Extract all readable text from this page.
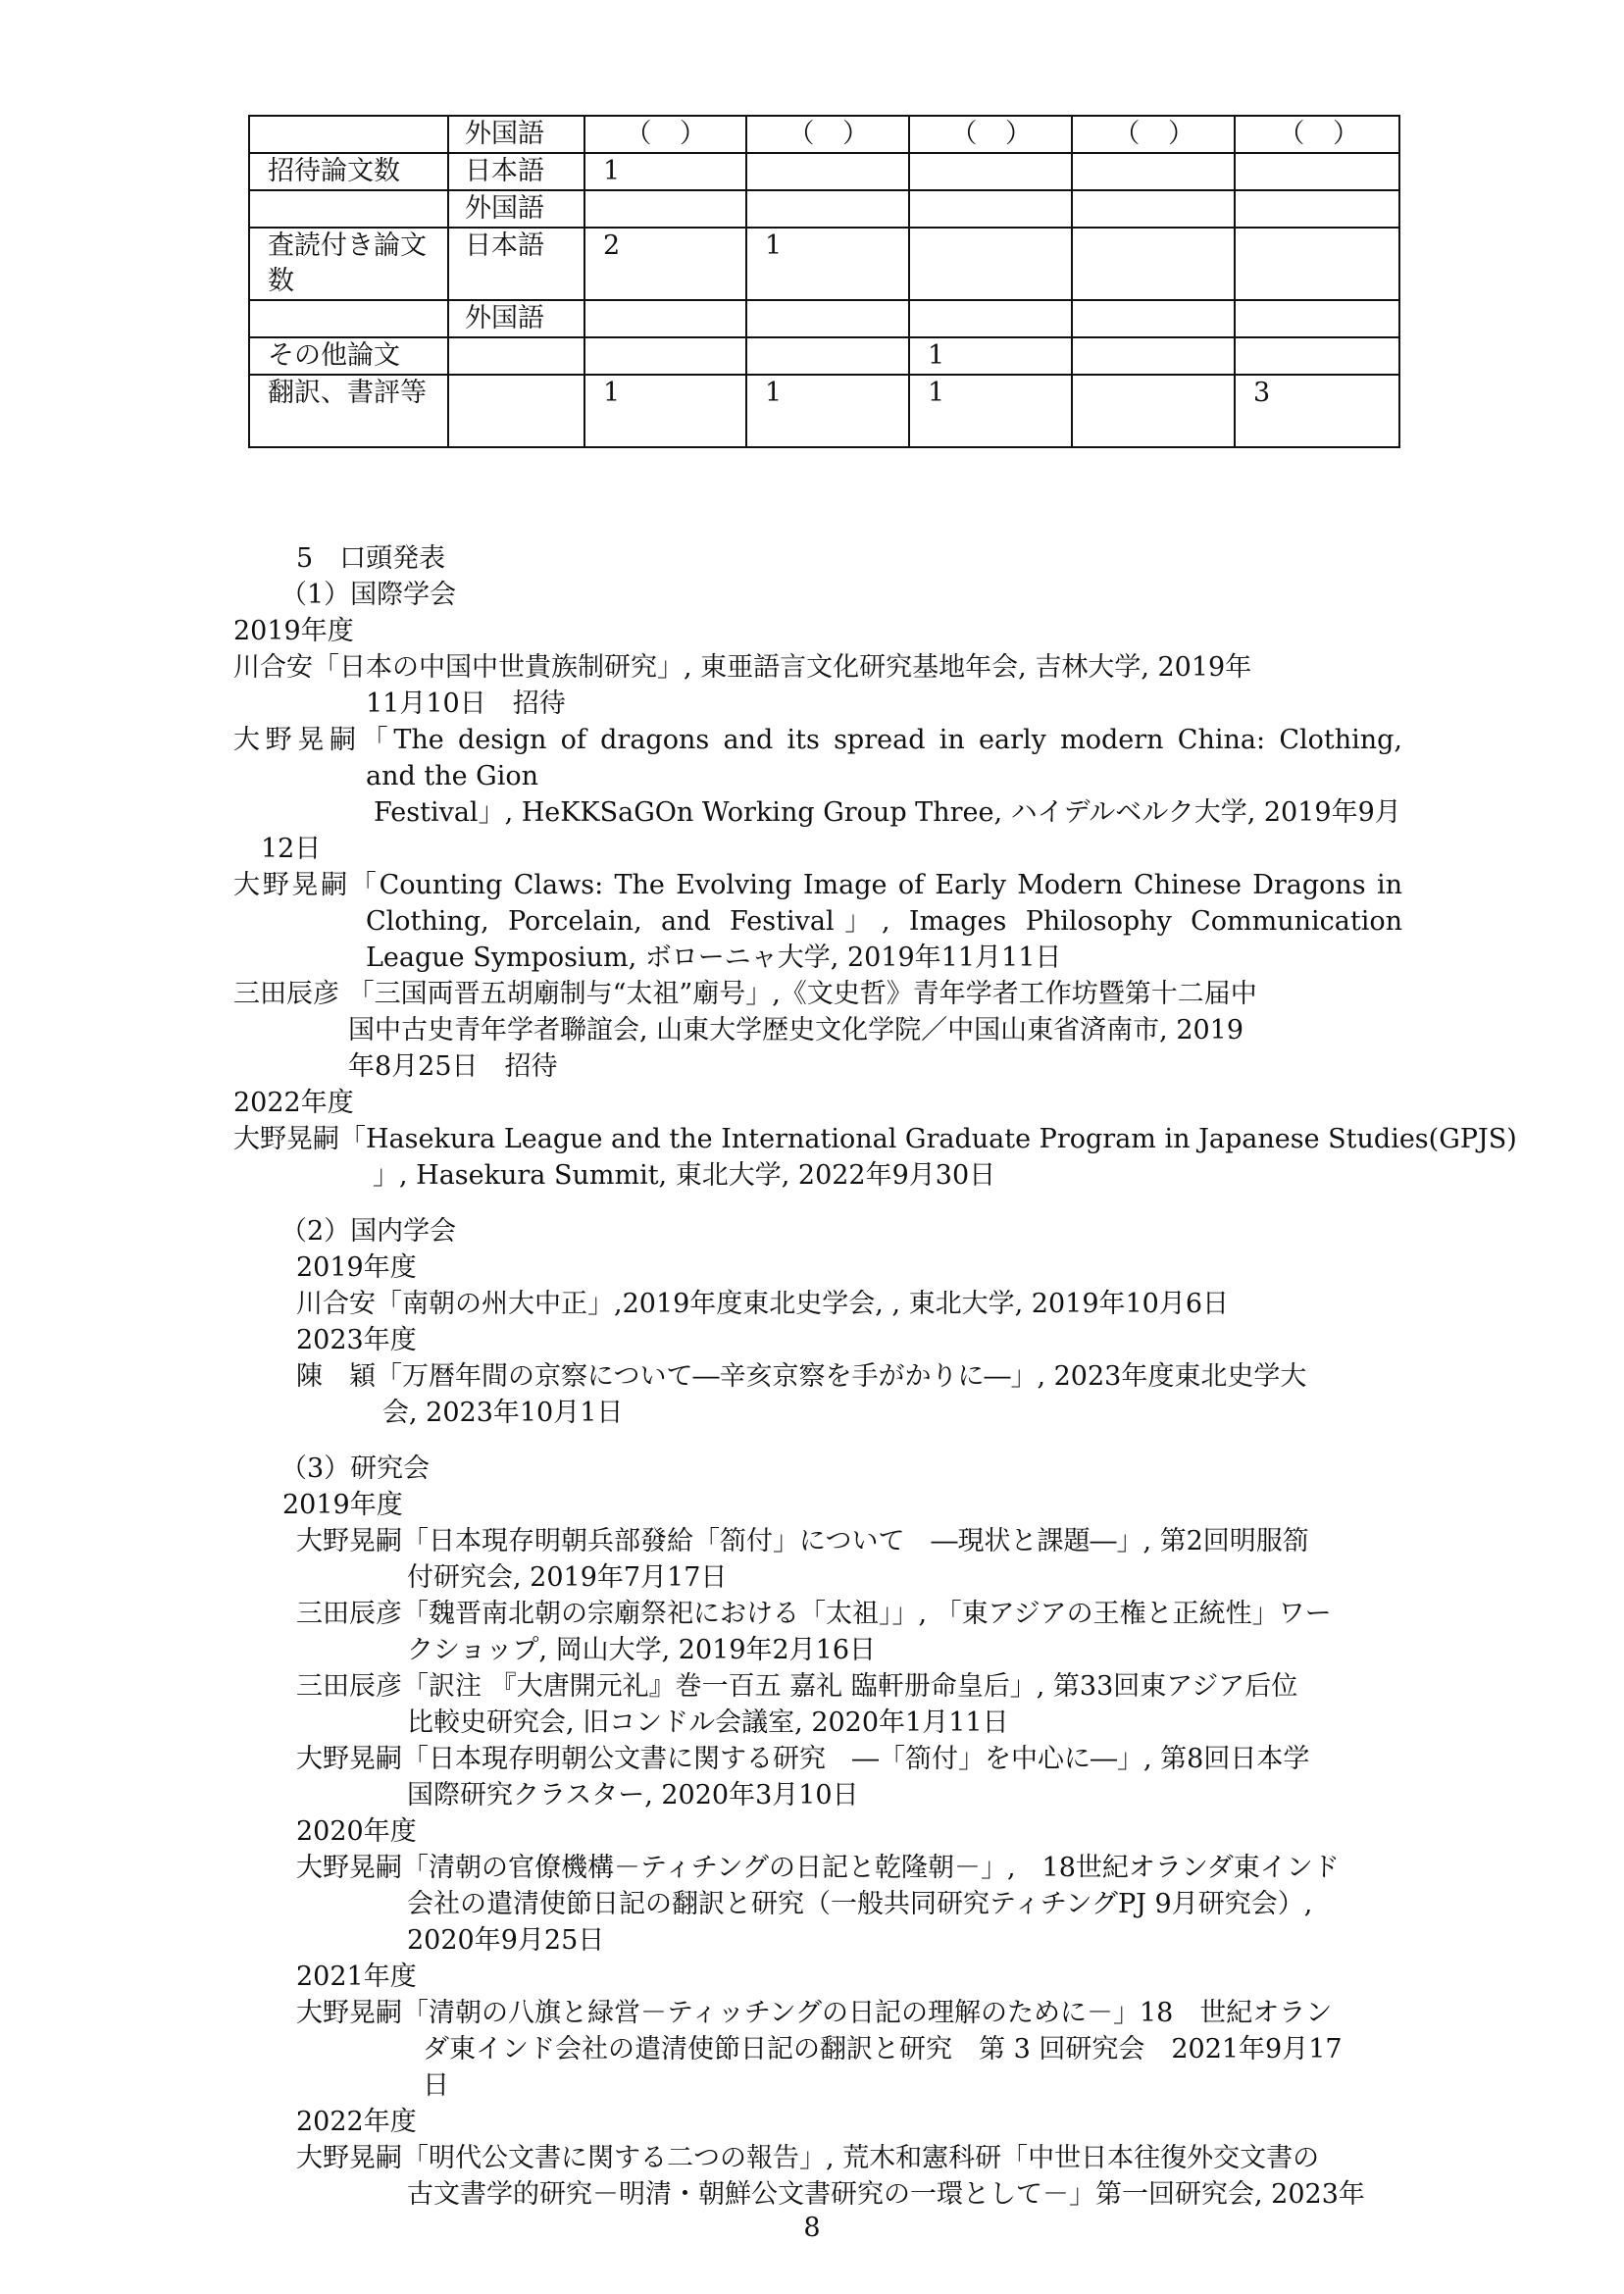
	外国語	（ ）	（ ）	（ ）	（ ）	（ ）
招待論文数	日本語	1				
	外国語					
査読付き論文数	日本語	2	1			
	外国語					
その他論文				1		
翻訳、書評等		1	1	1		3
5　口頭発表
（1）国際学会
2019年度
川合安「日本の中国中世貴族制研究」, 東亜語言文化研究基地年会, 吉林大学, 2019年
11月10日　招待
大野晃嗣「The design of dragons and its spread in early modern China: Clothing,
and the Gion
Festival」, HeKKSaGOn Working Group Three, ハイデルベルク大学, 2019年9月
12日
大野晃嗣「Counting Claws: The Evolving Image of Early Modern Chinese Dragons in
Clothing, Porcelain, and Festival」, Images Philosophy Communication
League Symposium, ボローニャ大学, 2019年11月11日
三田辰彦 「三国両晋五胡廟制与“太祖”廟号」,《文史哲》青年学者工作坊暨第十二届中
国中古史青年学者聯誼会, 山東大学歴史文化学院／中国山東省済南市, 2019
年8月25日　招待
2022年度
大野晃嗣「Hasekura League and the International Graduate Program in Japanese Studies(GPJS)
」, Hasekura Summit, 東北大学, 2022年9月30日
（2）国内学会
2019年度
川合安「南朝の州大中正」,2019年度東北史学会, , 東北大学, 2019年10月6日
2023年度
陳　穎「万暦年間の京察について―辛亥京察を手がかりに―」, 2023年度東北史学大
会, 2023年10月1日
（3）研究会
2019年度
大野晃嗣「日本現存明朝兵部發給「箚付」について　―現状と課題―」, 第2回明服箚
付研究会, 2019年7月17日
三田辰彦「魏晋南北朝の宗廟祭祀における「太祖」」, 「東アジアの王権と正統性」ワー
クショップ, 岡山大学, 2019年2月16日
三田辰彦「訳注 『大唐開元礼』巻一百五 嘉礼 臨軒册命皇后」, 第33回東アジア后位
比較史研究会, 旧コンドル会議室, 2020年1月11日
大野晃嗣「日本現存明朝公文書に関する研究　―「箚付」を中心に―」, 第8回日本学
国際研究クラスター, 2020年3月10日
2020年度
大野晃嗣「清朝の官僚機構－ティチングの日記と乾隆朝－」,　18世紀オランダ東インド
会社の遣清使節日記の翻訳と研究（一般共同研究ティチングPJ 9月研究会）,
2020年9月25日
2021年度
大野晃嗣「清朝の八旗と緑営－ティッチングの日記の理解のために－」18　世紀オラン
ダ東インド会社の遣清使節日記の翻訳と研究　第 3 回研究会　2021年9月17
日
2022年度
大野晃嗣「明代公文書に関する二つの報告」, 荒木和憲科研「中世日本往復外交文書の
古文書学的研究－明清・朝鮮公文書研究の一環として－」第一回研究会, 2023年
8
